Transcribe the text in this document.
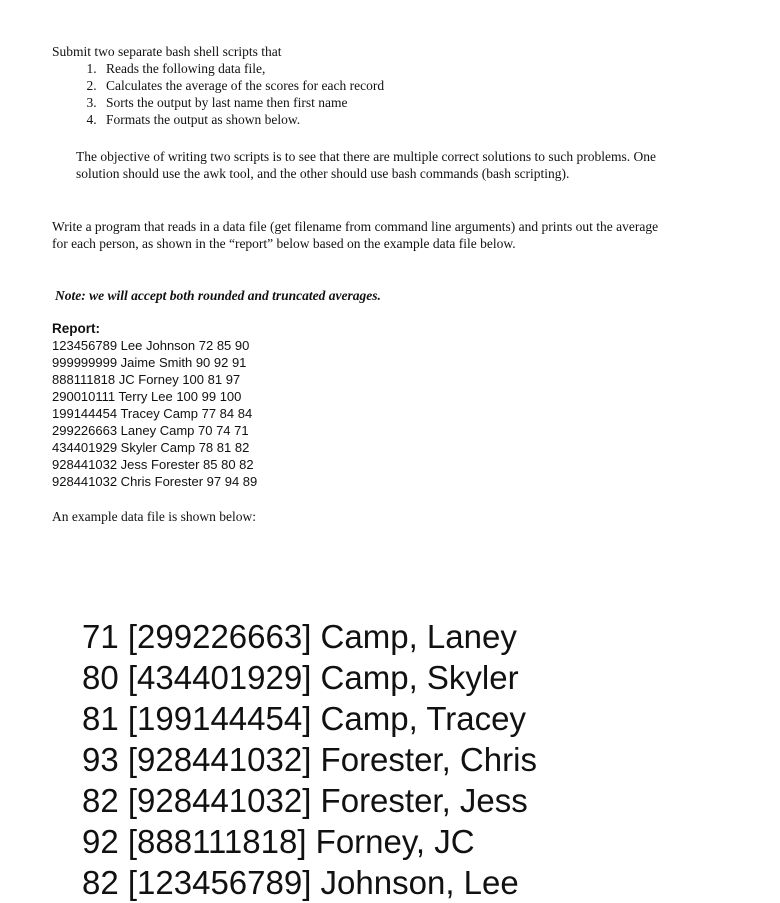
Submit two separate bash shell scripts that

1. Reads the following data file,
2. Calculates the average of the scores for each record
3. Sorts the output by last name then first name
4. Formats the output as shown below.

The objective of writing two scripts is to see that there are multiple correct solutions to such problems. One solution should use the awk tool, and the other should use bash commands (bash scripting).

Write a program that reads in a data file (get filename from command line arguments) and prints out the average for each person, as shown in the “report” below based on the example data file below.

Note: we will accept both rounded and truncated averages.

Report:
123456789 Lee Johnson 72 85 90
999999999 Jaime Smith 90 92 91
888111818 JC Forney 100 81 97
290010111 Terry Lee 100 99 100
199144454 Tracey Camp 77 84 84
299226663 Laney Camp 70 74 71
434401929 Skyler Camp 78 81 82
928441032 Jess Forester 85 80 82
928441032 Chris Forester 97 94 89

An example data file is shown below:

71 [299226663] Camp, Laney
80 [434401929] Camp, Skyler
81 [199144454] Camp, Tracey
93 [928441032] Forester, Chris
82 [928441032] Forester, Jess
92 [888111818] Forney, JC
82 [123456789] Johnson, Lee
